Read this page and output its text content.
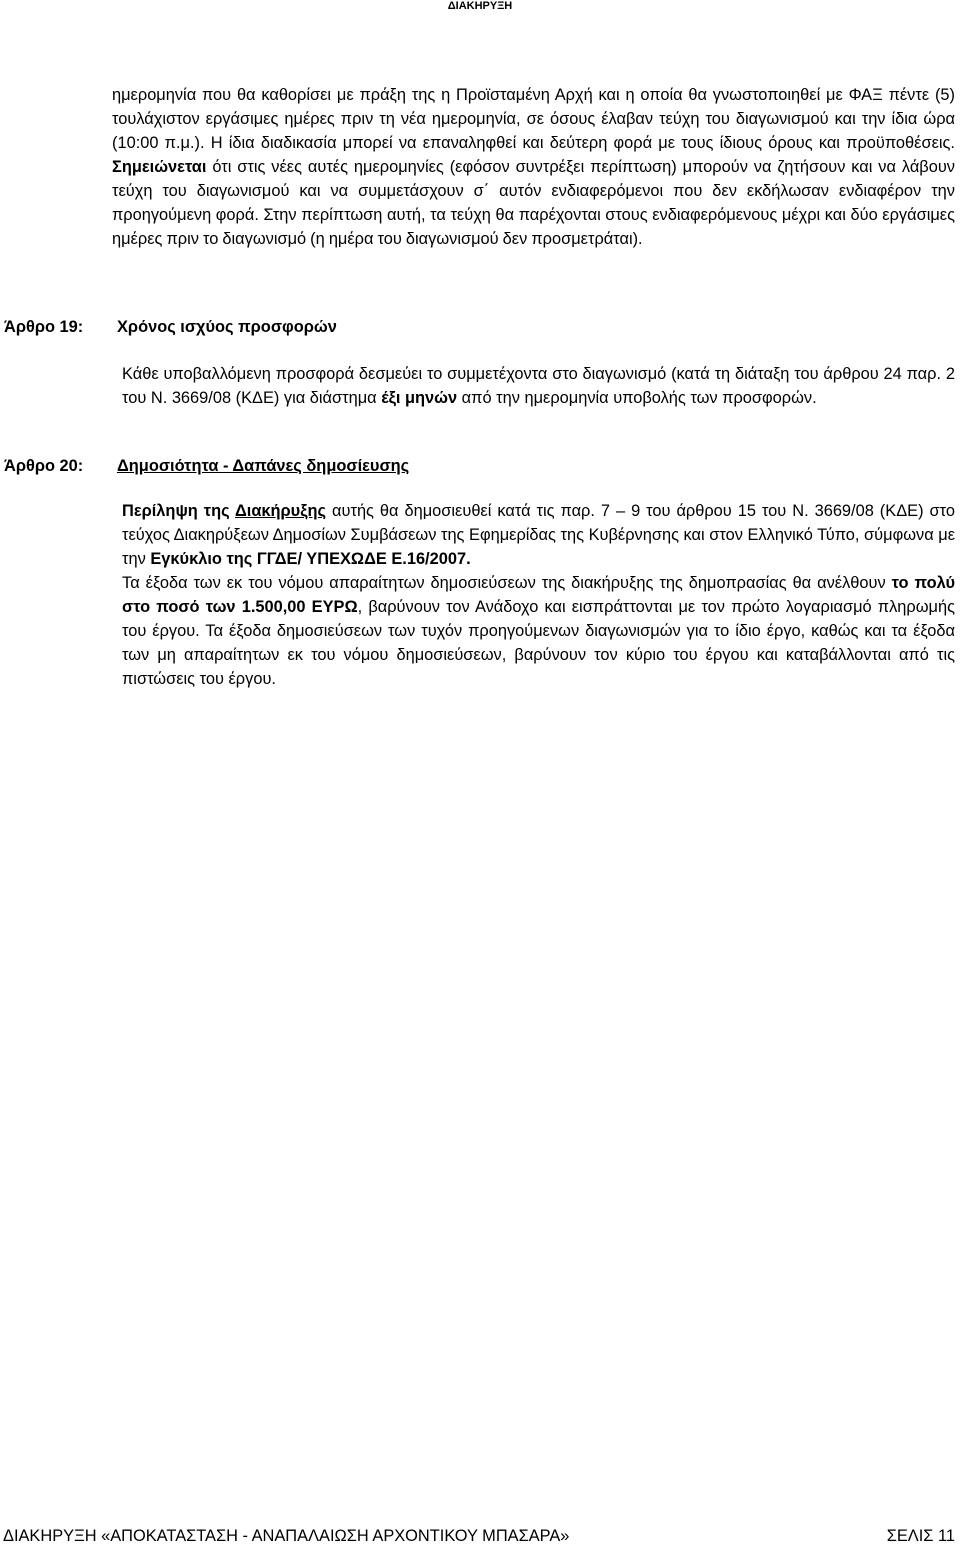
ΔΙΑΚΗΡΥΞΗ

ημερομηνία που θα καθορίσει με πράξη της η Προϊσταμένη Αρχή και η οποία θα γνωστοποιηθεί με ΦΑΞ πέντε (5) τουλάχιστον εργάσιμες ημέρες πριν τη νέα ημερομηνία, σε όσους έλαβαν τεύχη του διαγωνισμού και την ίδια ώρα (10:00 π.μ.). Η ίδια διαδικασία μπορεί να επαναληφθεί και δεύτερη φορά με τους ίδιους όρους και προϋποθέσεις. Σημειώνεται ότι στις νέες αυτές ημερομηνίες (εφόσον συντρέξει περίπτωση) μπορούν να ζητήσουν και να λάβουν τεύχη του διαγωνισμού και να συμμετάσχουν σ΄ αυτόν ενδιαφερόμενοι που δεν εκδήλωσαν ενδιαφέρον την προηγούμενη φορά. Στην περίπτωση αυτή, τα τεύχη θα παρέχονται στους ενδιαφερόμενους μέχρι και δύο εργάσιμες ημέρες πριν το διαγωνισμό (η ημέρα του διαγωνισμού δεν προσμετράται).

Άρθρο 19: Χρόνος ισχύος προσφορών

Κάθε υποβαλλόμενη προσφορά δεσμεύει το συμμετέχοντα στο διαγωνισμό (κατά τη διάταξη του άρθρου 24 παρ. 2 του Ν. 3669/08 (ΚΔΕ) για διάστημα έξι μηνών από την ημερομηνία υποβολής των προσφορών.

Άρθρο 20: Δημοσιότητα - Δαπάνες δημοσίευσης

Περίληψη της Διακήρυξης αυτής θα δημοσιευθεί κατά τις παρ. 7 – 9 του άρθρου 15 του Ν. 3669/08 (ΚΔΕ) στο τεύχος Διακηρύξεων Δημοσίων Συμβάσεων της Εφημερίδας της Κυβέρνησης και στον Ελληνικό Τύπο, σύμφωνα με την Εγκύκλιο της ΓΓΔΕ/ ΥΠΕΧΩΔΕ Ε.16/2007.

Τα έξοδα των εκ του νόμου απαραίτητων δημοσιεύσεων της διακήρυξης της δημοπρασίας θα ανέλθουν το πολύ στο ποσό των 1.500,00 ΕΥΡΩ, βαρύνουν τον Ανάδοχο και εισπράττονται με τον πρώτο λογαριασμό πληρωμής του έργου. Τα έξοδα δημοσιεύσεων των τυχόν προηγούμενων διαγωνισμών για το ίδιο έργο, καθώς και τα έξοδα των μη απαραίτητων εκ του νόμου δημοσιεύσεων, βαρύνουν τον κύριο του έργου και καταβάλλονται από τις πιστώσεις του έργου.

ΔΙΑΚΗΡΥΞΗ «ΑΠΟΚΑΤΑΣΤΑΣΗ - ΑΝΑΠΑΛΑΙΩΣΗ ΑΡΧΟΝΤΙΚΟΥ ΜΠΑΣΑΡΑ»	ΣΕΛΙΣ 11
